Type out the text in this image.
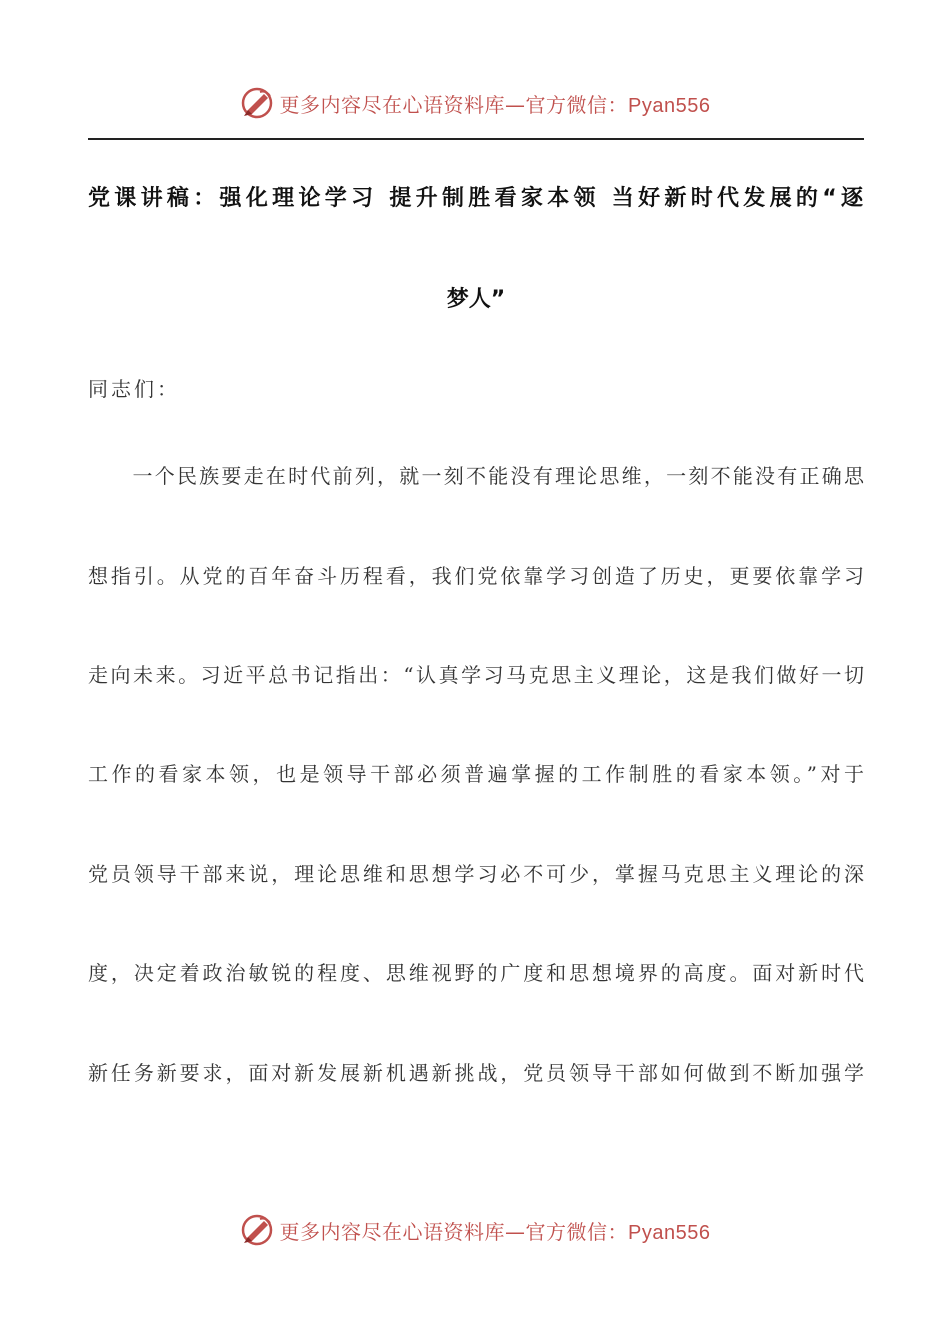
更多内容尽在心语资料库—官方微信：Pyan556
党课讲稿：强化理论学习 提升制胜看家本领 当好新时代发展的“逐
梦人”
同志们：
　　一个民族要走在时代前列，就一刻不能没有理论思维，一刻不能没有正确思
想指引。从党的百年奋斗历程看，我们党依靠学习创造了历史，更要依靠学习
走向未来。习近平总书记指出：“认真学习马克思主义理论，这是我们做好一切
工作的看家本领，也是领导干部必须普遍掌握的工作制胜的看家本领。”对于
党员领导干部来说，理论思维和思想学习必不可少，掌握马克思主义理论的深
度，决定着政治敏锐的程度、思维视野的广度和思想境界的高度。面对新时代
新任务新要求，面对新发展新机遇新挑战，党员领导干部如何做到不断加强学
更多内容尽在心语资料库—官方微信：Pyan556
